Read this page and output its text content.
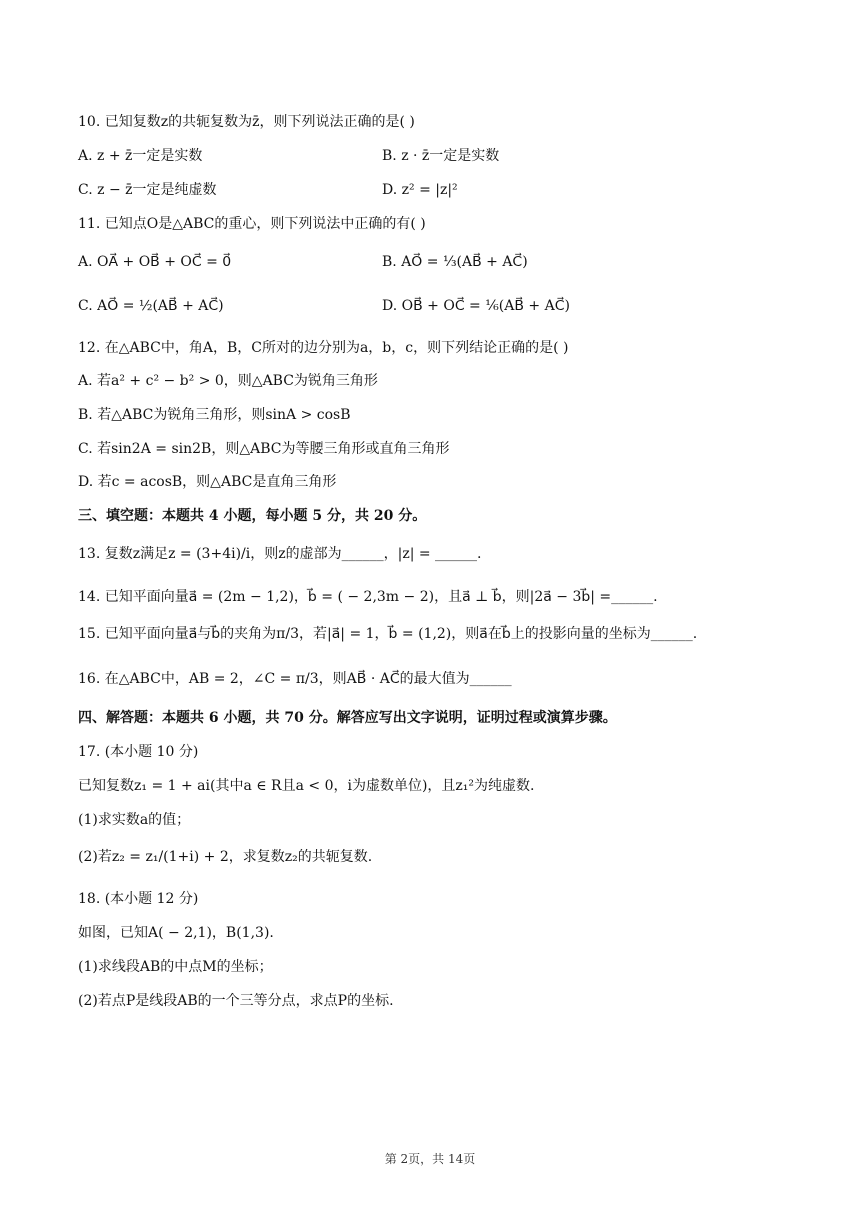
10. 已知复数z的共轭复数为z̄，则下列说法正确的是( )
A. z + z̄一定是实数	B. z · z̄一定是实数
C. z − z̄一定是纯虚数	D. z² = |z|²
11. 已知点O是△ABC的重心，则下列说法中正确的有( )
A. OA⃗ + OB⃗ + OC⃗ = 0⃗	B. AO⃗ = ⅓(AB⃗ + AC⃗)
C. AO⃗ = ½(AB⃗ + AC⃗)	D. OB⃗ + OC⃗ = ⅙(AB⃗ + AC⃗)
12. 在△ABC中，角A，B，C所对的边分别为a，b，c，则下列结论正确的是( )
A. 若a² + c² − b² > 0，则△ABC为锐角三角形
B. 若△ABC为锐角三角形，则sinA > cosB
C. 若sin2A = sin2B，则△ABC为等腰三角形或直角三角形
D. 若c = acosB，则△ABC是直角三角形
三、填空题：本题共 4 小题，每小题 5 分，共 20 分。
13. 复数z满足z = (3+4i)/i，则z的虚部为______，|z| = ______.
14. 已知平面向量a⃗ = (2m − 1,2)，b⃗ = ( − 2,3m − 2)，且a⃗ ⊥ b⃗，则|2a⃗ − 3b⃗| =______.
15. 已知平面向量a⃗与b⃗的夹角为π/3，若|a⃗| = 1，b⃗ = (1,2)，则a⃗在b⃗上的投影向量的坐标为______.
16. 在△ABC中，AB = 2，∠C = π/3，则AB⃗ · AC⃗的最大值为______
四、解答题：本题共 6 小题，共 70 分。解答应写出文字说明，证明过程或演算步骤。
17. (本小题 10 分)
已知复数z₁ = 1 + ai(其中a ∈ R且a < 0，i为虚数单位)，且z₁²为纯虚数.
(1)求实数a的值；
(2)若z₂ = z₁/(1+i) + 2，求复数z₂的共轭复数.
18. (本小题 12 分)
如图，已知A( − 2,1)，B(1,3).
(1)求线段AB的中点M的坐标；
(2)若点P是线段AB的一个三等分点，求点P的坐标.
第 2页，共 14页
